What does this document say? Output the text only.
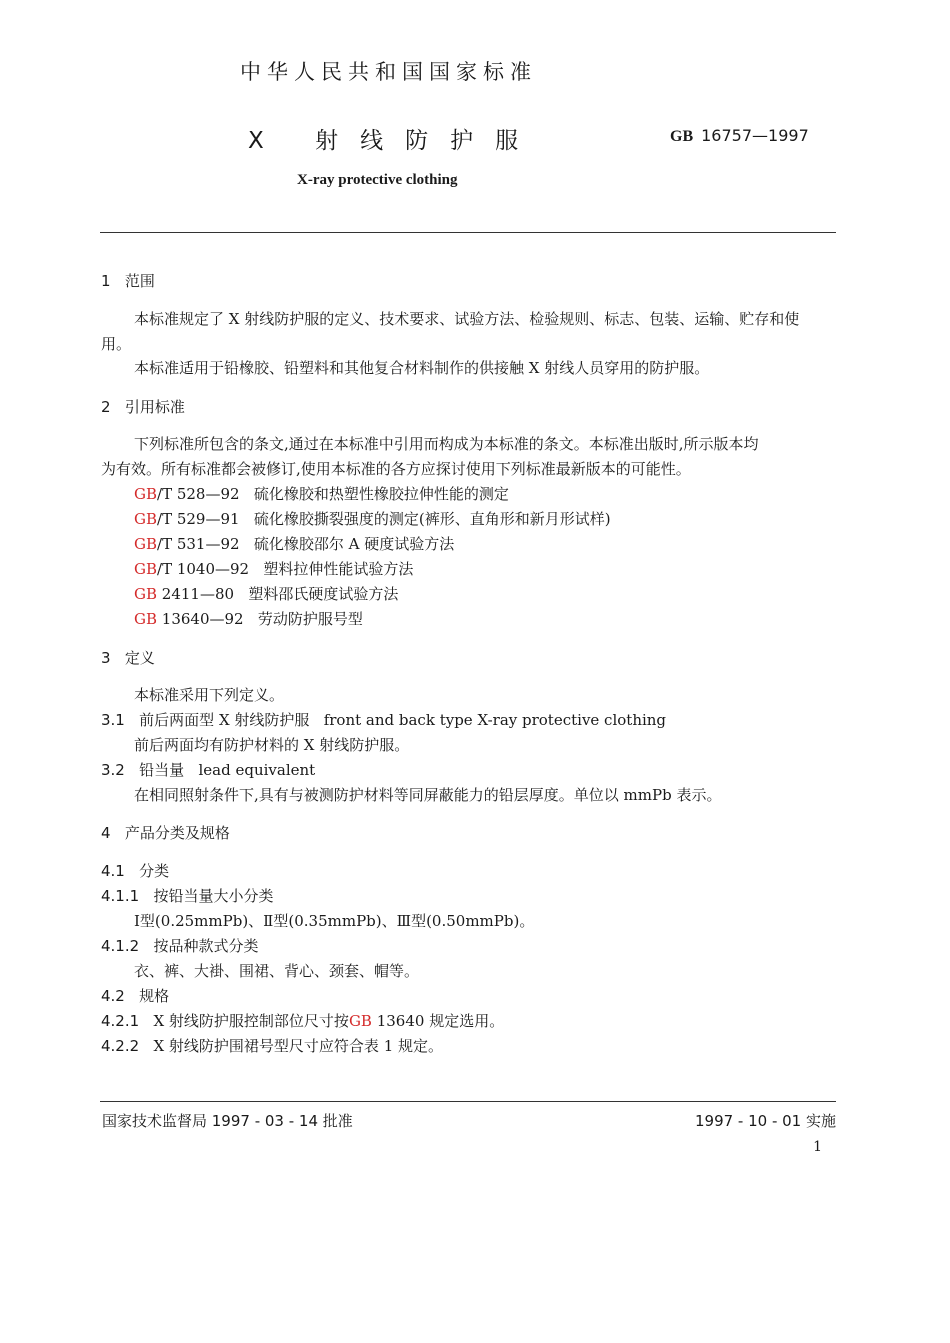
中华人民共和国国家标准
X 射线防护服	GB 16757—1997
X-ray protective clothing
1 范围
本标准规定了 X 射线防护服的定义、技术要求、试验方法、检验规则、标志、包装、运输、贮存和使
用。
本标准适用于铅橡胶、铅塑料和其他复合材料制作的供接触 X 射线人员穿用的防护服。
2 引用标准
下列标准所包含的条文,通过在本标准中引用而构成为本标准的条文。本标准出版时,所示版本均
为有效。所有标准都会被修订,使用本标准的各方应探讨使用下列标准最新版本的可能性。
GB/T 528—92 硫化橡胶和热塑性橡胶拉伸性能的测定
GB/T 529—91 硫化橡胶撕裂强度的测定(裤形、直角形和新月形试样)
GB/T 531—92 硫化橡胶邵尔 A 硬度试验方法
GB/T 1040—92 塑料拉伸性能试验方法
GB 2411—80 塑料邵氏硬度试验方法
GB 13640—92 劳动防护服号型
3 定义
本标准采用下列定义。
3.1 前后两面型 X 射线防护服 front and back type X-ray protective clothing
前后两面均有防护材料的 X 射线防护服。
3.2 铅当量 lead equivalent
在相同照射条件下,具有与被测防护材料等同屏蔽能力的铅层厚度。单位以 mmPb 表示。
4 产品分类及规格
4.1 分类
4.1.1 按铅当量大小分类
Ⅰ型(0.25mmPb)、Ⅱ型(0.35mmPb)、Ⅲ型(0.50mmPb)。
4.1.2 按品种款式分类
衣、裤、大褂、围裙、背心、颈套、帽等。
4.2 规格
4.2.1 X 射线防护服控制部位尺寸按GB 13640 规定选用。
4.2.2 X 射线防护围裙号型尺寸应符合表 1 规定。
国家技术监督局 1997 - 03 - 14 批准	1997 - 10 - 01 实施
1
